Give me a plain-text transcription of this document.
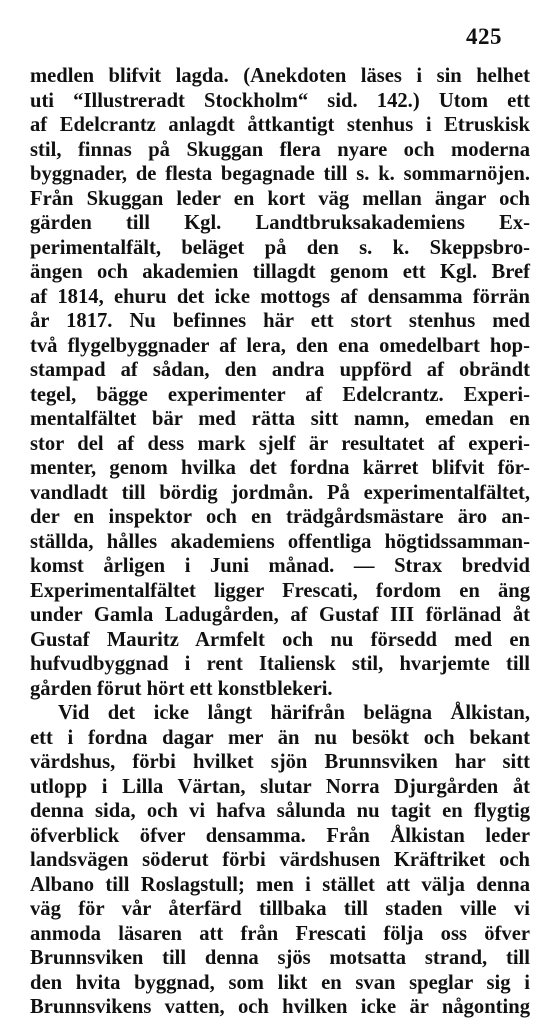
425
medlen blifvit lagda. (Anekdoten läses i sin helhet
uti “Illustreradt Stockholm“ sid. 142.) Utom ett
af Edelcrantz anlagdt åttkantigt stenhus i Etruskisk
stil, finnas på Skuggan flera nyare och moderna
byggnader, de flesta begagnade till s. k. sommarnöjen.
Från Skuggan leder en kort väg mellan ängar och
gärden till Kgl. Landtbruksakademiens Ex-
perimentalfält, beläget på den s. k. Skeppsbro-
ängen och akademien tillagdt genom ett Kgl. Bref
af 1814, ehuru det icke mottogs af densamma förrän
år 1817. Nu befinnes här ett stort stenhus med
två flygelbyggnader af lera, den ena omedelbart hop-
stampad af sådan, den andra uppförd af obrändt
tegel, bägge experimenter af Edelcrantz. Experi-
mentalfältet bär med rätta sitt namn, emedan en
stor del af dess mark sjelf är resultatet af experi-
menter, genom hvilka det fordna kärret blifvit för-
vandladt till bördig jordmån. På experimentalfältet,
der en inspektor och en trädgårdsmästare äro an-
ställda, hålles akademiens offentliga högtidssamman-
komst årligen i Juni månad. — Strax bredvid
Experimentalfältet ligger Frescati, fordom en äng
under Gamla Ladugården, af Gustaf III förlänad åt
Gustaf Mauritz Armfelt och nu försedd med en
hufvudbyggnad i rent Italiensk stil, hvarjemte till
gården förut hört ett konstblekeri.
Vid det icke långt härifrån belägna Ålkistan,
ett i fordna dagar mer än nu besökt och bekant
värdshus, förbi hvilket sjön Brunnsviken har sitt
utlopp i Lilla Värtan, slutar Norra Djurgården åt
denna sida, och vi hafva sålunda nu tagit en flygtig
öfverblick öfver densamma. Från Ålkistan leder
landsvägen söderut förbi värdshusen Kräftriket och
Albano till Roslagstull; men i stället att välja denna
väg för vår återfärd tillbaka till staden ville vi
anmoda läsaren att från Frescati följa oss öfver
Brunnsviken till denna sjös motsatta strand, till
den hvita byggnad, som likt en svan speglar sig i
Brunnsvikens vatten, och hvilken icke är någonting
